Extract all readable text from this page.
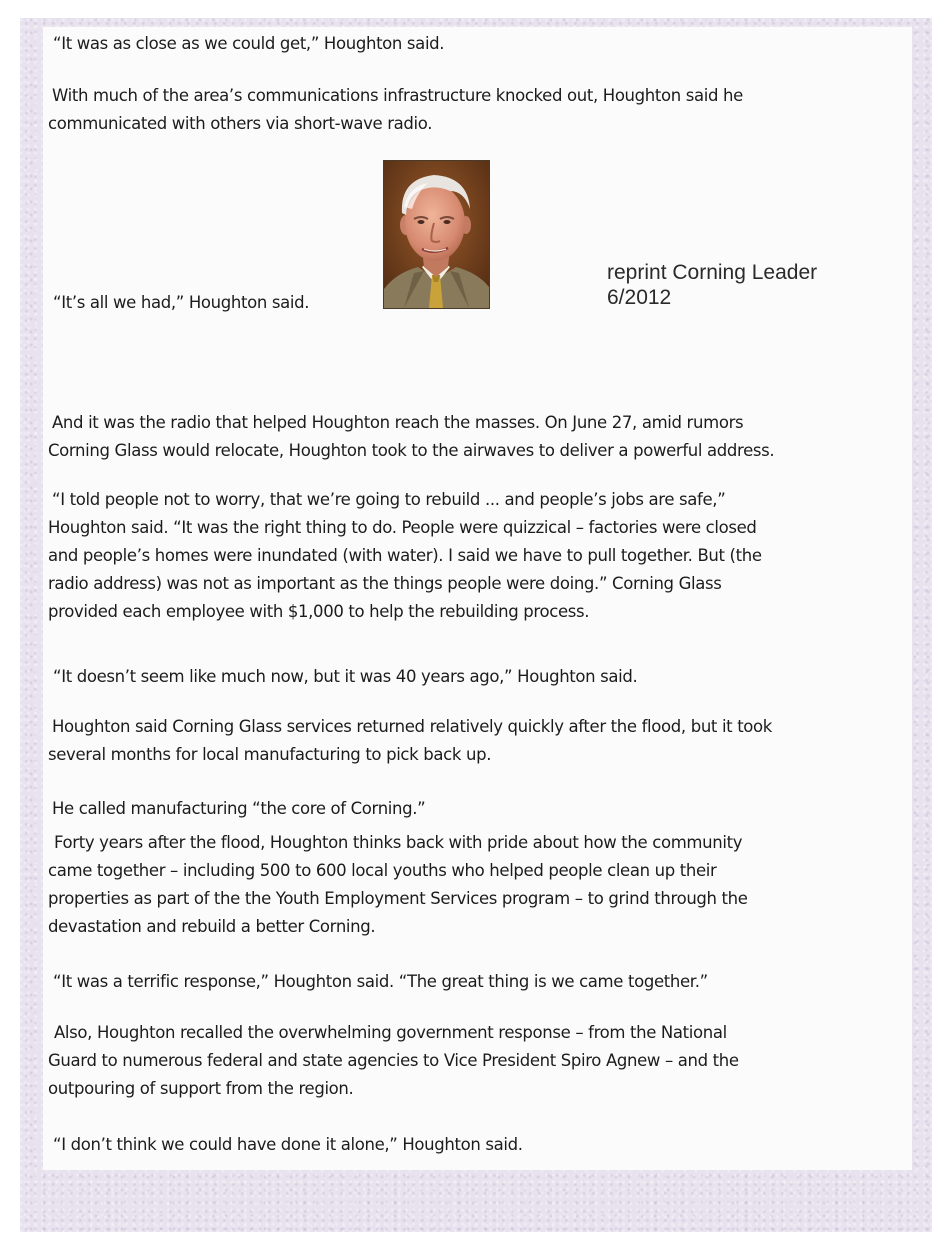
“It was as close as we could get,” Houghton said.

With much of the area’s communications infrastructure knocked out, Houghton said he
communicated with others via short-wave radio.

“It’s all we had,” Houghton said.

reprint Corning Leader
6/2012

And it was the radio that helped Houghton reach the masses. On June 27, amid rumors
Corning Glass would relocate, Houghton took to the airwaves to deliver a powerful address.

“I told people not to worry, that we’re going to rebuild ... and people’s jobs are safe,”
Houghton said. “It was the right thing to do. People were quizzical – factories were closed
and people’s homes were inundated (with water). I said we have to pull together. But (the
radio address) was not as important as the things people were doing.” Corning Glass
provided each employee with $1,000 to help the rebuilding process.

“It doesn’t seem like much now, but it was 40 years ago,” Houghton said.

Houghton said Corning Glass services returned relatively quickly after the flood, but it took
several months for local manufacturing to pick back up.

He called manufacturing “the core of Corning.”

Forty years after the flood, Houghton thinks back with pride about how the community
came together – including 500 to 600 local youths who helped people clean up their
properties as part of the the Youth Employment Services program – to grind through the
devastation and rebuild a better Corning.

“It was a terrific response,” Houghton said. “The great thing is we came together.”

Also, Houghton recalled the overwhelming government response – from the National
Guard to numerous federal and state agencies to Vice President Spiro Agnew – and the
outpouring of support from the region.

“I don’t think we could have done it alone,” Houghton said.
